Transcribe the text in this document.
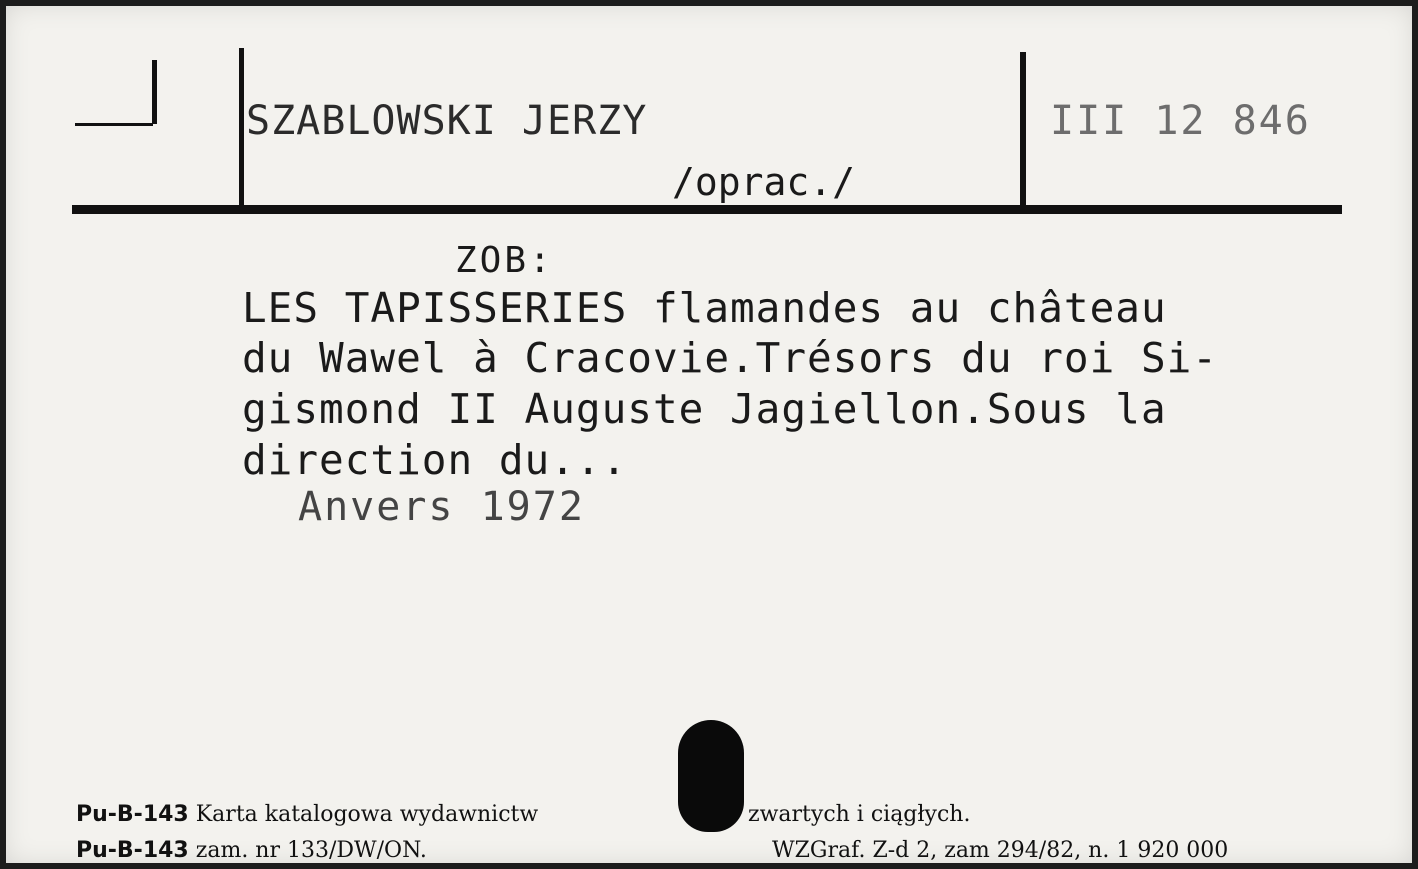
SZABLOWSKI JERZY
/oprac./
III 12 846
ZOB:
LES TAPISSERIES flamandes au château
du Wawel à Cracovie.Trésors du roi Si-
gismond II Auguste Jagiellon.Sous la
direction du...
Anvers 1972
Pu-B-143 Karta katalogowa wydawnictw	zwartych i ciągłych.
Pu-B-143 zam. nr 133/DW/ON.	WZGraf. Z-d 2, zam 294/82, n. 1 920 000
